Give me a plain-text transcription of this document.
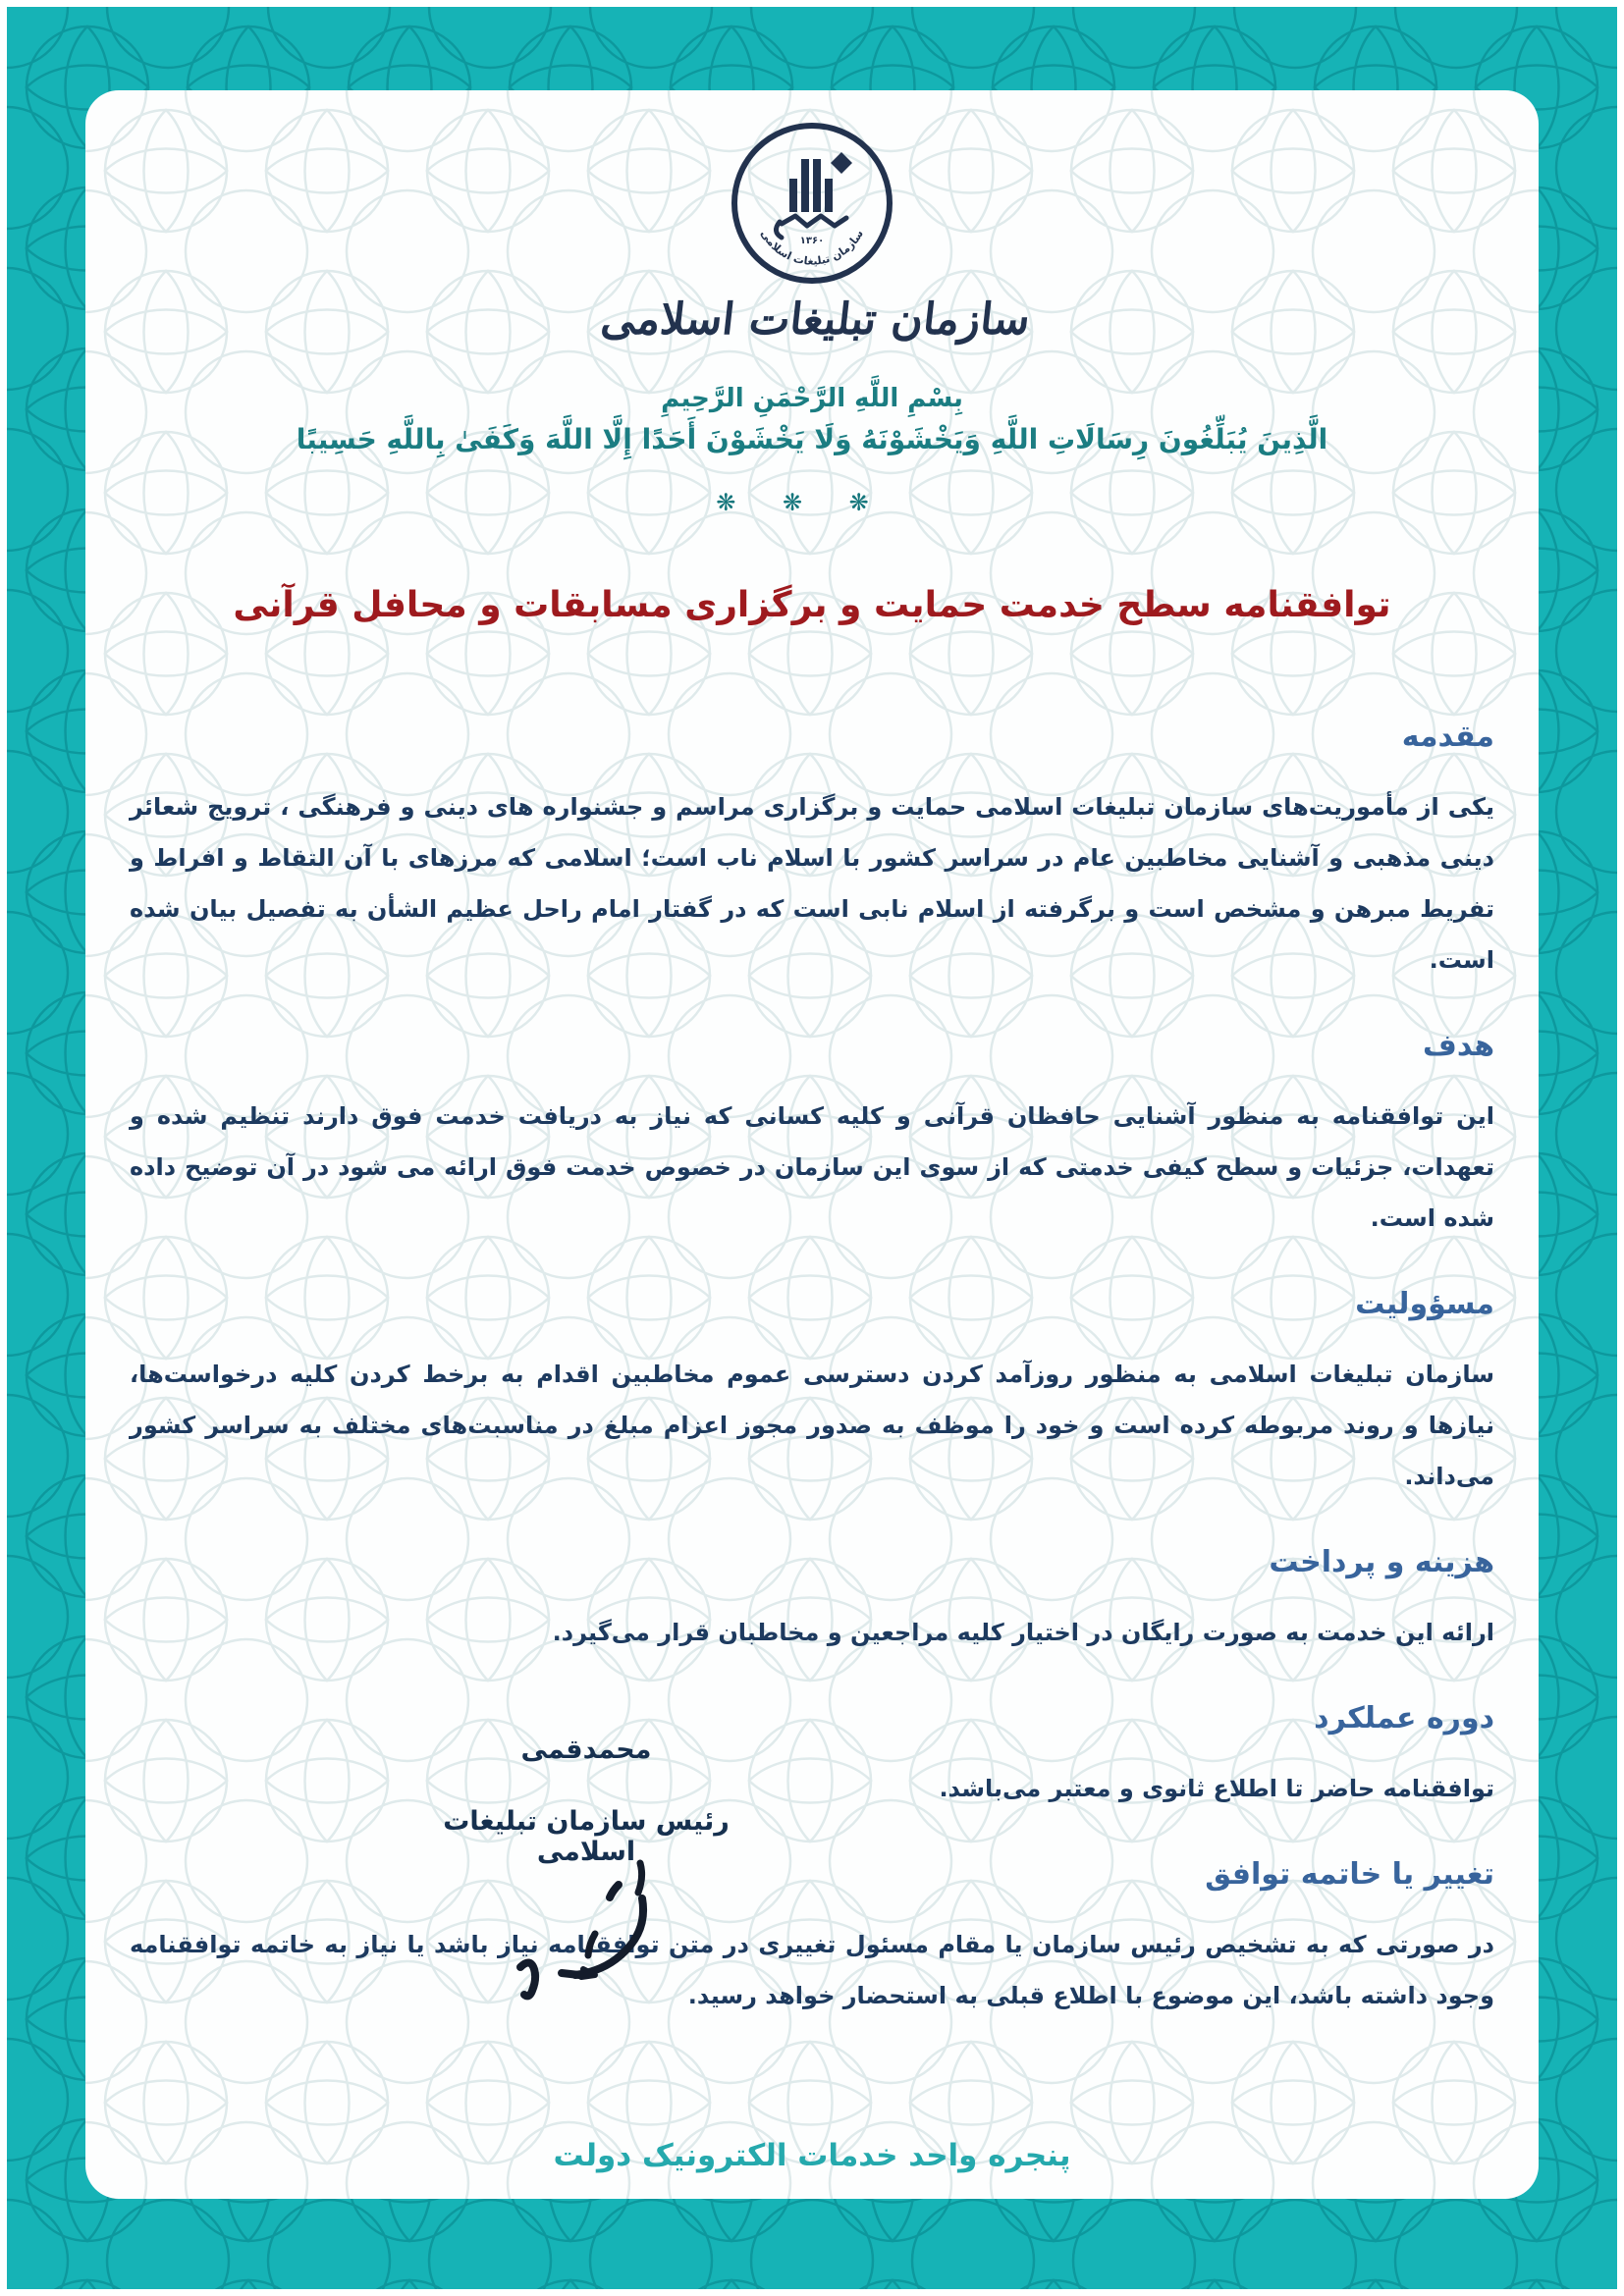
۱۳۶۰
سازمان تبلیغات اسلامی
سازمان تبلیغات اسلامی
بِسْمِ اللَّهِ الرَّحْمَنِ الرَّحِيمِ
الَّذِينَ يُبَلِّغُونَ رِسَالَاتِ اللَّهِ وَيَخْشَوْنَهُ وَلَا يَخْشَوْنَ أَحَدًا إِلَّا اللَّهَ وَكَفَىٰ بِاللَّهِ حَسِيبًا
❋ ❋ ❋
توافقنامه سطح خدمت حمایت و برگزاری مسابقات و محافل قرآنی
مقدمه

یکی از مأموریت‌های سازمان تبلیغات اسلامی حمایت و برگزاری مراسم و جشنواره های دینی و فرهنگی ، ترویج شعائر دینی مذهبی و آشنایی مخاطبین عام در سراسر کشور با اسلام ناب است؛ اسلامی که مرزهای با آن التقاط و افراط و تفریط مبرهن و مشخص است و برگرفته از اسلام نابی است که در گفتار امام راحل عظیم الشأن به تفصیل بیان شده است.

هدف

این توافقنامه به منظور آشنایی حافظان قرآنی و کلیه کسانی که نیاز به دریافت خدمت فوق دارند تنظیم شده و تعهدات، جزئیات و سطح کیفی خدمتی که از سوی این سازمان در خصوص خدمت فوق ارائه می شود در آن توضیح داده شده است.

مسؤولیت

سازمان تبلیغات اسلامی به منظور روزآمد کردن دسترسی عموم مخاطبین اقدام به برخط کردن کلیه درخواست‌ها، نیازها و روند مربوطه کرده است و خود را موظف به صدور مجوز اعزام مبلغ در مناسبت‌های مختلف به سراسر کشور می‌داند.

هزینه و پرداخت

ارائه این خدمت به صورت رایگان در اختیار کلیه مراجعین و مخاطبان قرار می‌گیرد.

دوره عملکرد

توافقنامه حاضر تا اطلاع ثانوی و معتبر می‌باشد.

تغییر یا خاتمه توافق

در صورتی که به تشخیص رئیس سازمان یا مقام مسئول تغییری در متن توافقنامه نیاز باشد یا نیاز به خاتمه توافقنامه وجود داشته باشد، این موضوع با اطلاع قبلی به استحضار خواهد رسید.

محمدقمی

رئیس سازمان تبلیغات اسلامی

پنجره واحد خدمات الکترونیک دولت
